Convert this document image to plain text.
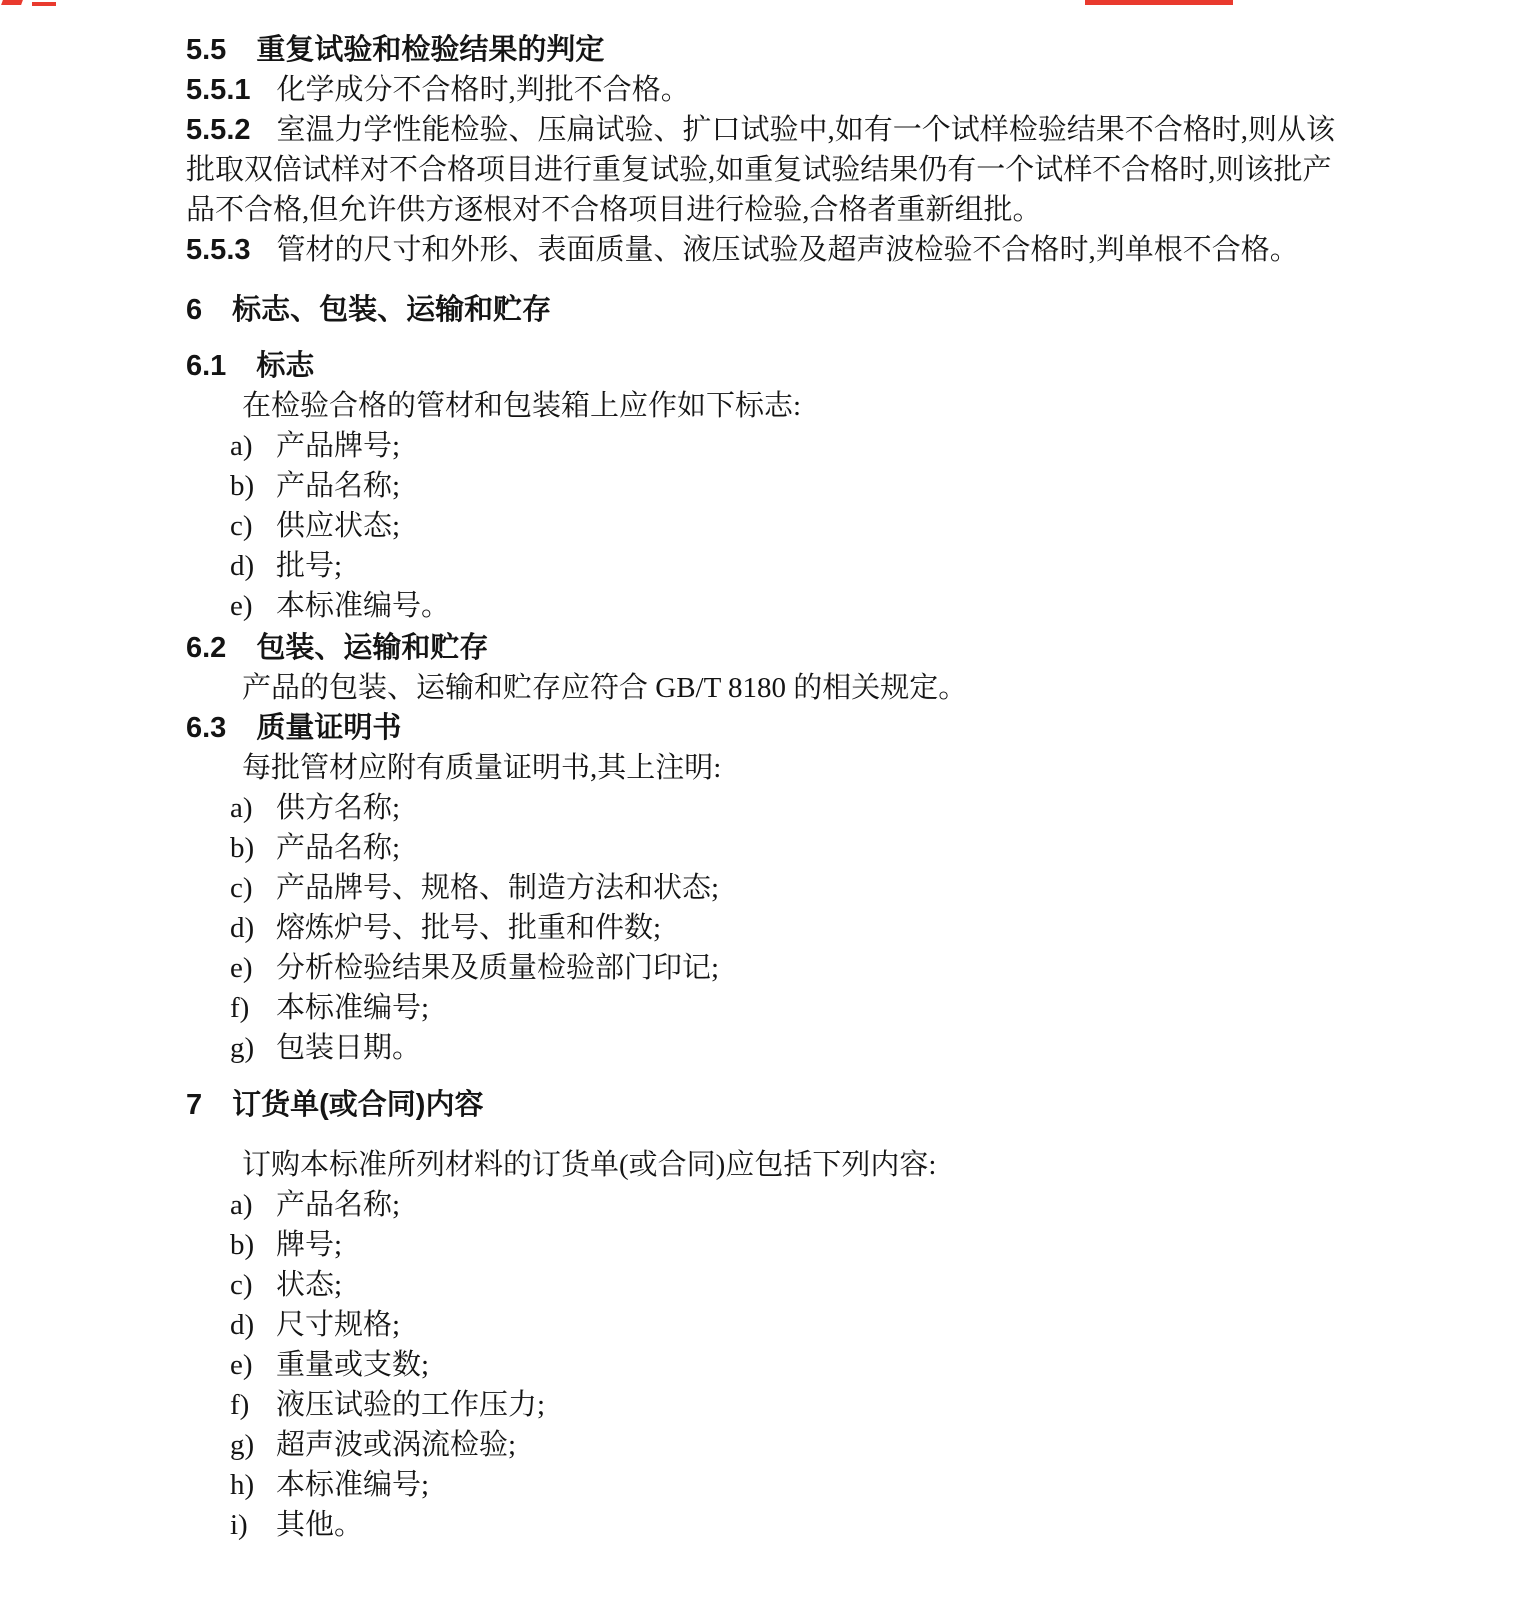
5.5 重复试验和检验结果的判定

5.5.1 化学成分不合格时,判批不合格。

5.5.2 室温力学性能检验、压扁试验、扩口试验中,如有一个试样检验结果不合格时,则从该批取双倍试样对不合格项目进行重复试验,如重复试验结果仍有一个试样不合格时,则该批产品不合格,但允许供方逐根对不合格项目进行检验,合格者重新组批。

5.5.3 管材的尺寸和外形、表面质量、液压试验及超声波检验不合格时,判单根不合格。

6 标志、包装、运输和贮存

6.1 标志

在检验合格的管材和包装箱上应作如下标志:

a) 产品牌号;
b) 产品名称;
c) 供应状态;
d) 批号;
e) 本标准编号。

6.2 包装、运输和贮存

产品的包装、运输和贮存应符合 GB/T 8180 的相关规定。

6.3 质量证明书

每批管材应附有质量证明书,其上注明:

a) 供方名称;
b) 产品名称;
c) 产品牌号、规格、制造方法和状态;
d) 熔炼炉号、批号、批重和件数;
e) 分析检验结果及质量检验部门印记;
f) 本标准编号;
g) 包装日期。

7 订货单(或合同)内容

订购本标准所列材料的订货单(或合同)应包括下列内容:

a) 产品名称;
b) 牌号;
c) 状态;
d) 尺寸规格;
e) 重量或支数;
f) 液压试验的工作压力;
g) 超声波或涡流检验;
h) 本标准编号;
i) 其他。
